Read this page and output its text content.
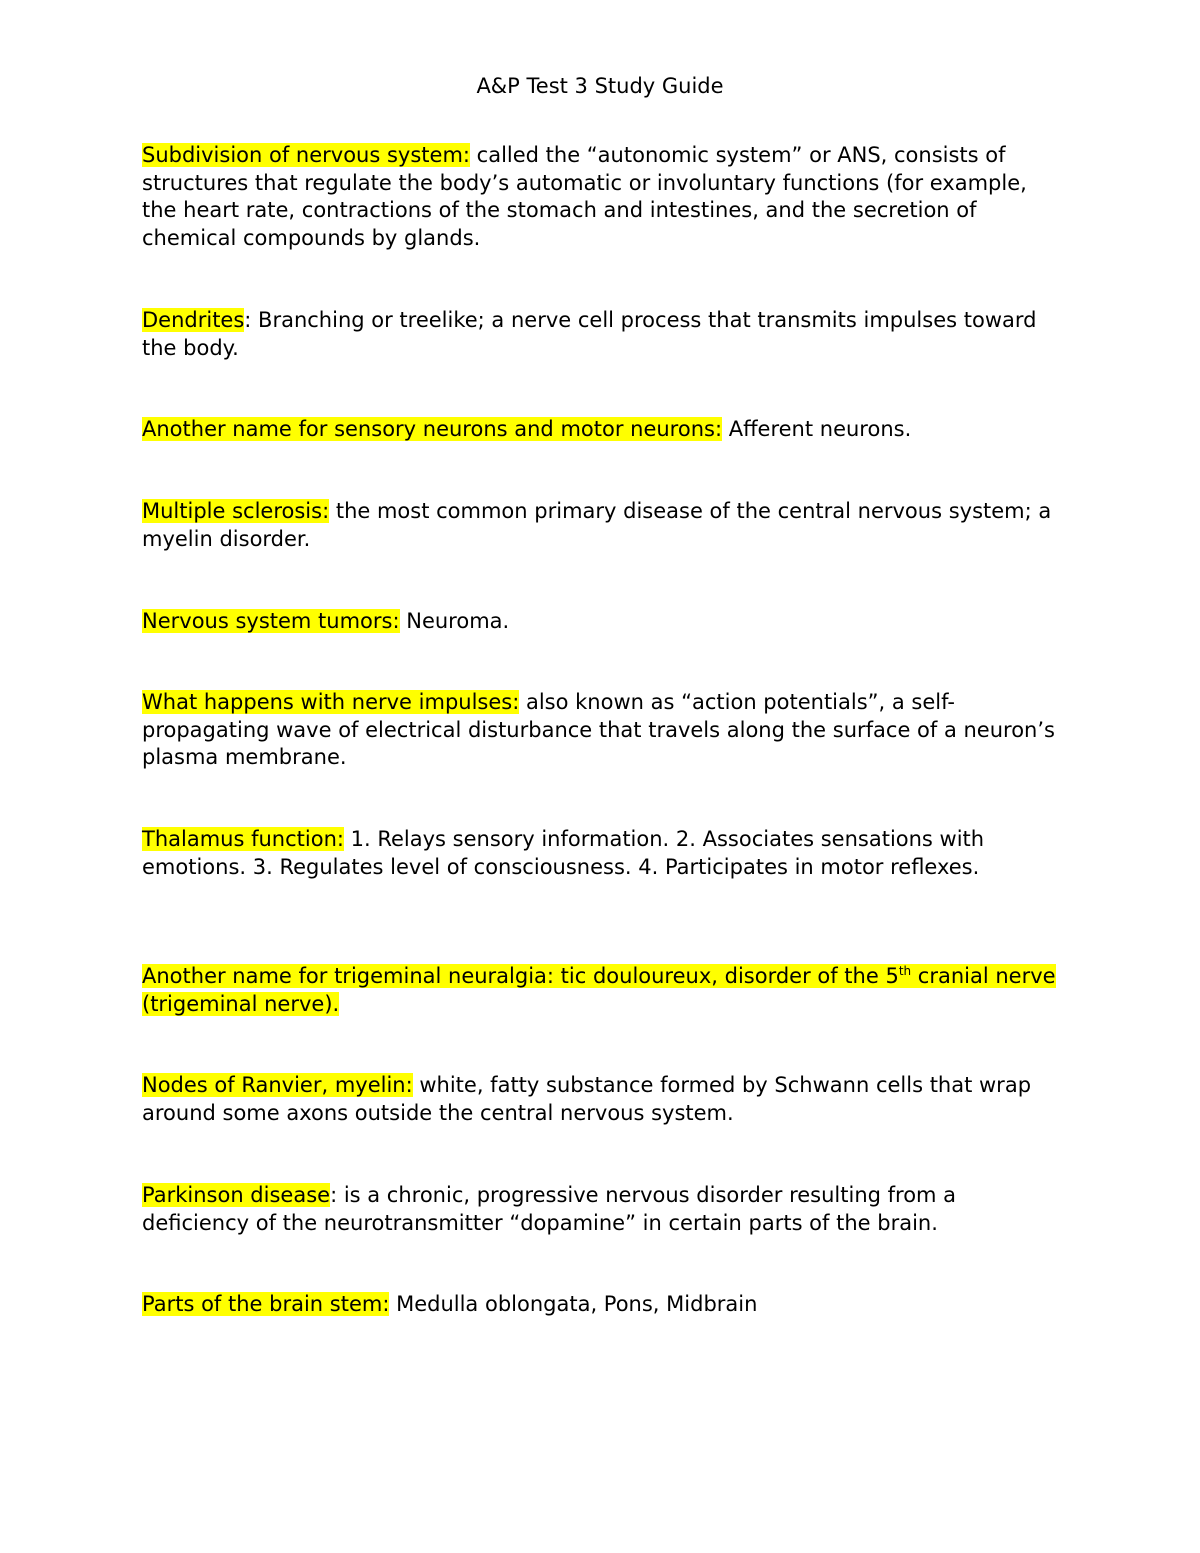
A&P Test 3 Study Guide

Subdivision of nervous system: called the “autonomic system” or ANS, consists of structures that regulate the body’s automatic or involuntary functions (for example, the heart rate, contractions of the stomach and intestines, and the secretion of chemical compounds by glands.

Dendrites: Branching or treelike; a nerve cell process that transmits impulses toward the body.

Another name for sensory neurons and motor neurons: Afferent neurons.

Multiple sclerosis: the most common primary disease of the central nervous system; a myelin disorder.

Nervous system tumors: Neuroma.

What happens with nerve impulses: also known as “action potentials”, a self-propagating wave of electrical disturbance that travels along the surface of a neuron’s plasma membrane.

Thalamus function: 1. Relays sensory information. 2. Associates sensations with emotions. 3. Regulates level of consciousness. 4. Participates in motor reflexes.

Another name for trigeminal neuralgia: tic douloureux, disorder of the 5th cranial nerve (trigeminal nerve).

Nodes of Ranvier, myelin: white, fatty substance formed by Schwann cells that wrap around some axons outside the central nervous system.

Parkinson disease: is a chronic, progressive nervous disorder resulting from a deficiency of the neurotransmitter “dopamine” in certain parts of the brain.

Parts of the brain stem: Medulla oblongata, Pons, Midbrain
